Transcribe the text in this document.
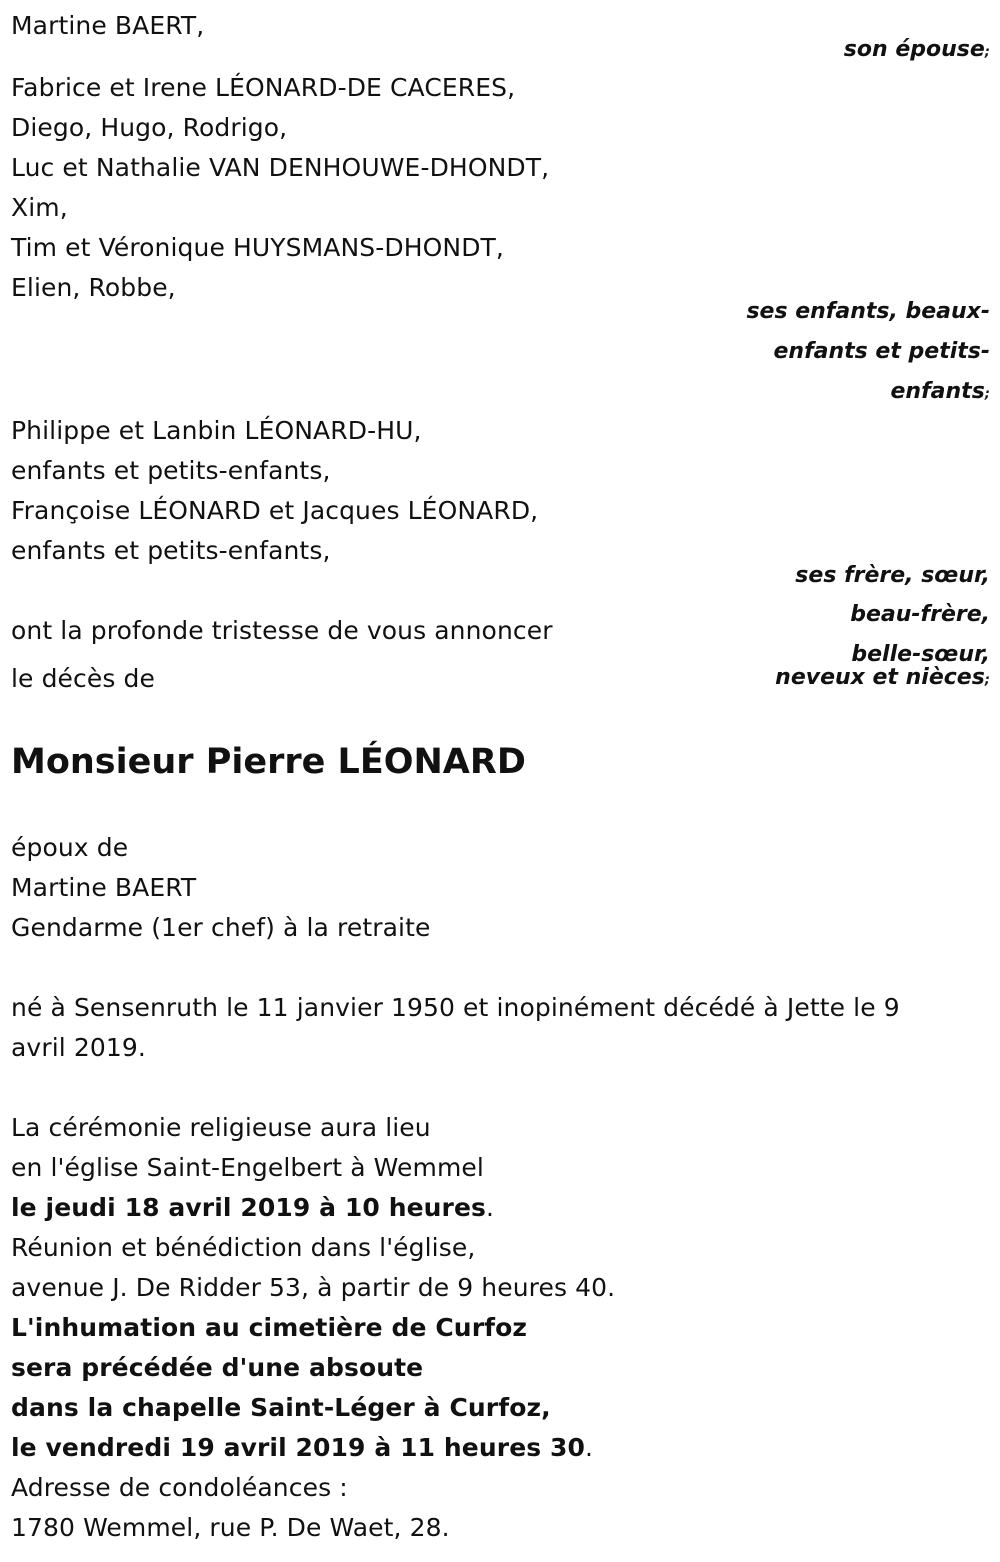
Martine BAERT,
son épouse;
Fabrice et Irene LÉONARD-DE CACERES,
Diego, Hugo, Rodrigo,
Luc et Nathalie VAN DENHOUWE-DHONDT,
Xim,
Tim et Véronique HUYSMANS-DHONDT,
Elien, Robbe,
ses enfants, beaux-
enfants et petits-
enfants;
Philippe et Lanbin LÉONARD-HU,
enfants et petits-enfants,
Françoise LÉONARD et Jacques LÉONARD,
enfants et petits-enfants,
ses frère, sœur,
beau-frère,
belle-sœur,
neveux et nièces;
ont la profonde tristesse de vous annoncer
le décès de
Monsieur Pierre LÉONARD
époux de
Martine BAERT
Gendarme (1er chef) à la retraite
né à Sensenruth le 11 janvier 1950 et inopinément décédé à Jette le 9
avril 2019.
La cérémonie religieuse aura lieu
en l'église Saint-Engelbert à Wemmel
le jeudi 18 avril 2019 à 10 heures.
Réunion et bénédiction dans l'église,
avenue J. De Ridder 53, à partir de 9 heures 40.
L'inhumation au cimetière de Curfoz
sera précédée d'une absoute
dans la chapelle Saint-Léger à Curfoz,
le vendredi 19 avril 2019 à 11 heures 30.
Adresse de condoléances :
1780 Wemmel, rue P. De Waet, 28.
